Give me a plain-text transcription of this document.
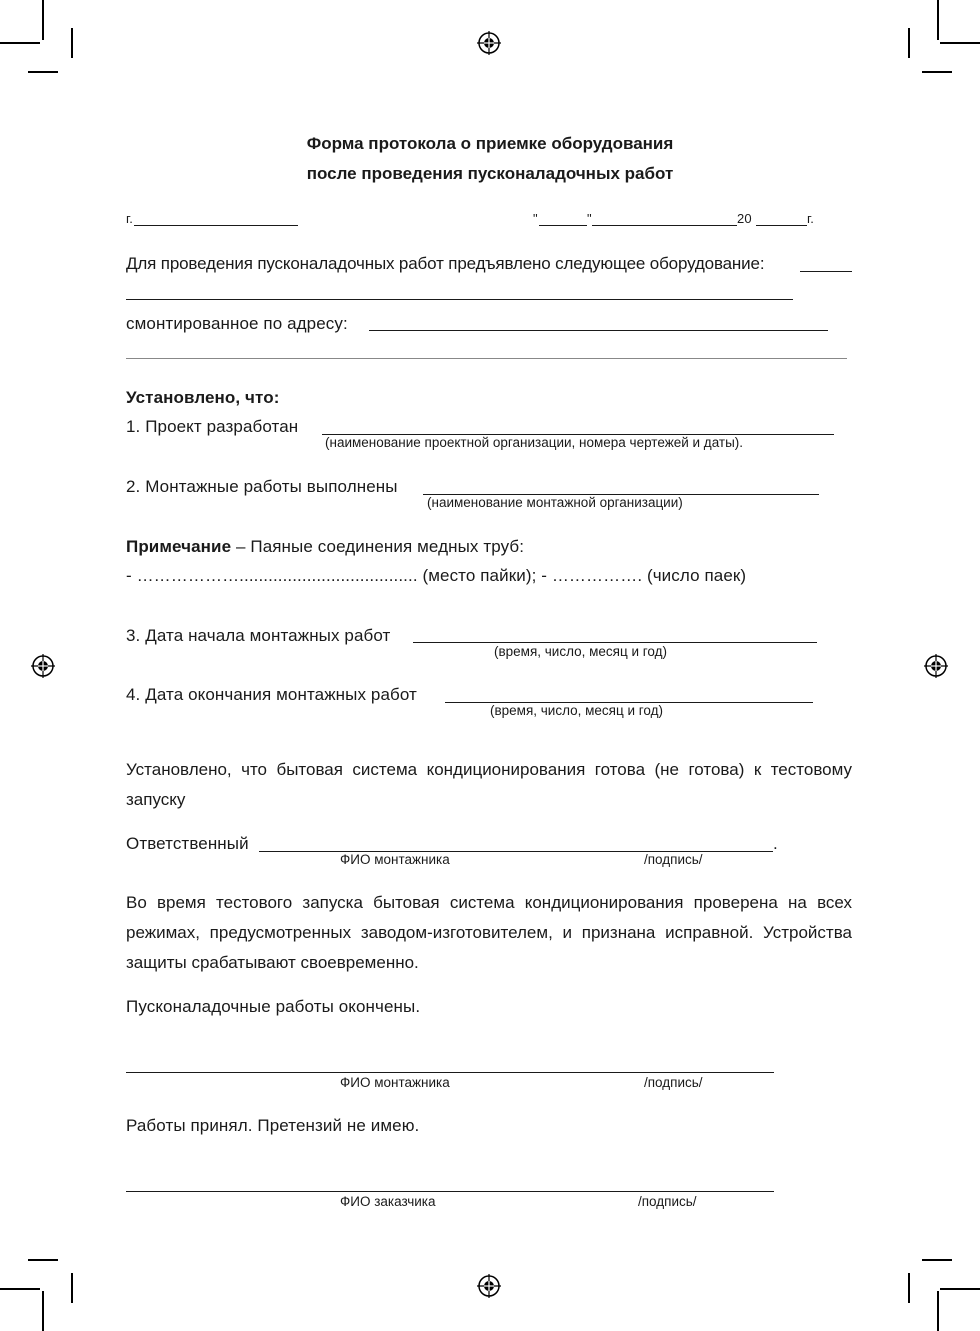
Форма протокола о приемке оборудования
после проведения пусконаладочных работ
г.	"	"	20	г.
Для проведения пусконаладочных работ предъявлено следующее оборудование:
смонтированное по адресу:
Установлено, что:
1. Проект разработан
(наименование проектной организации, номера чертежей и даты).
2. Монтажные работы выполнены
(наименование монтажной организации)
Примечание – Паяные соединения медных труб:
- ………………..................................... (место пайки); - ……………. (число паек)
3. Дата начала монтажных работ
(время, число, месяц и год)
4. Дата окончания монтажных работ
(время, число, месяц и год)
Установлено, что бытовая система кондиционирования готова (не готова) к тестовому запуску
Ответственный	.
ФИО монтажника	/подпись/
Во время тестового запуска бытовая система кондиционирования проверена на всех режимах, предусмотренных заводом-изготовителем, и признана исправной. Устройства защиты срабатывают своевременно.
Пусконаладочные работы окончены.
ФИО монтажника	/подпись/
Работы принял. Претензий не имею.
ФИО заказчика	/подпись/
